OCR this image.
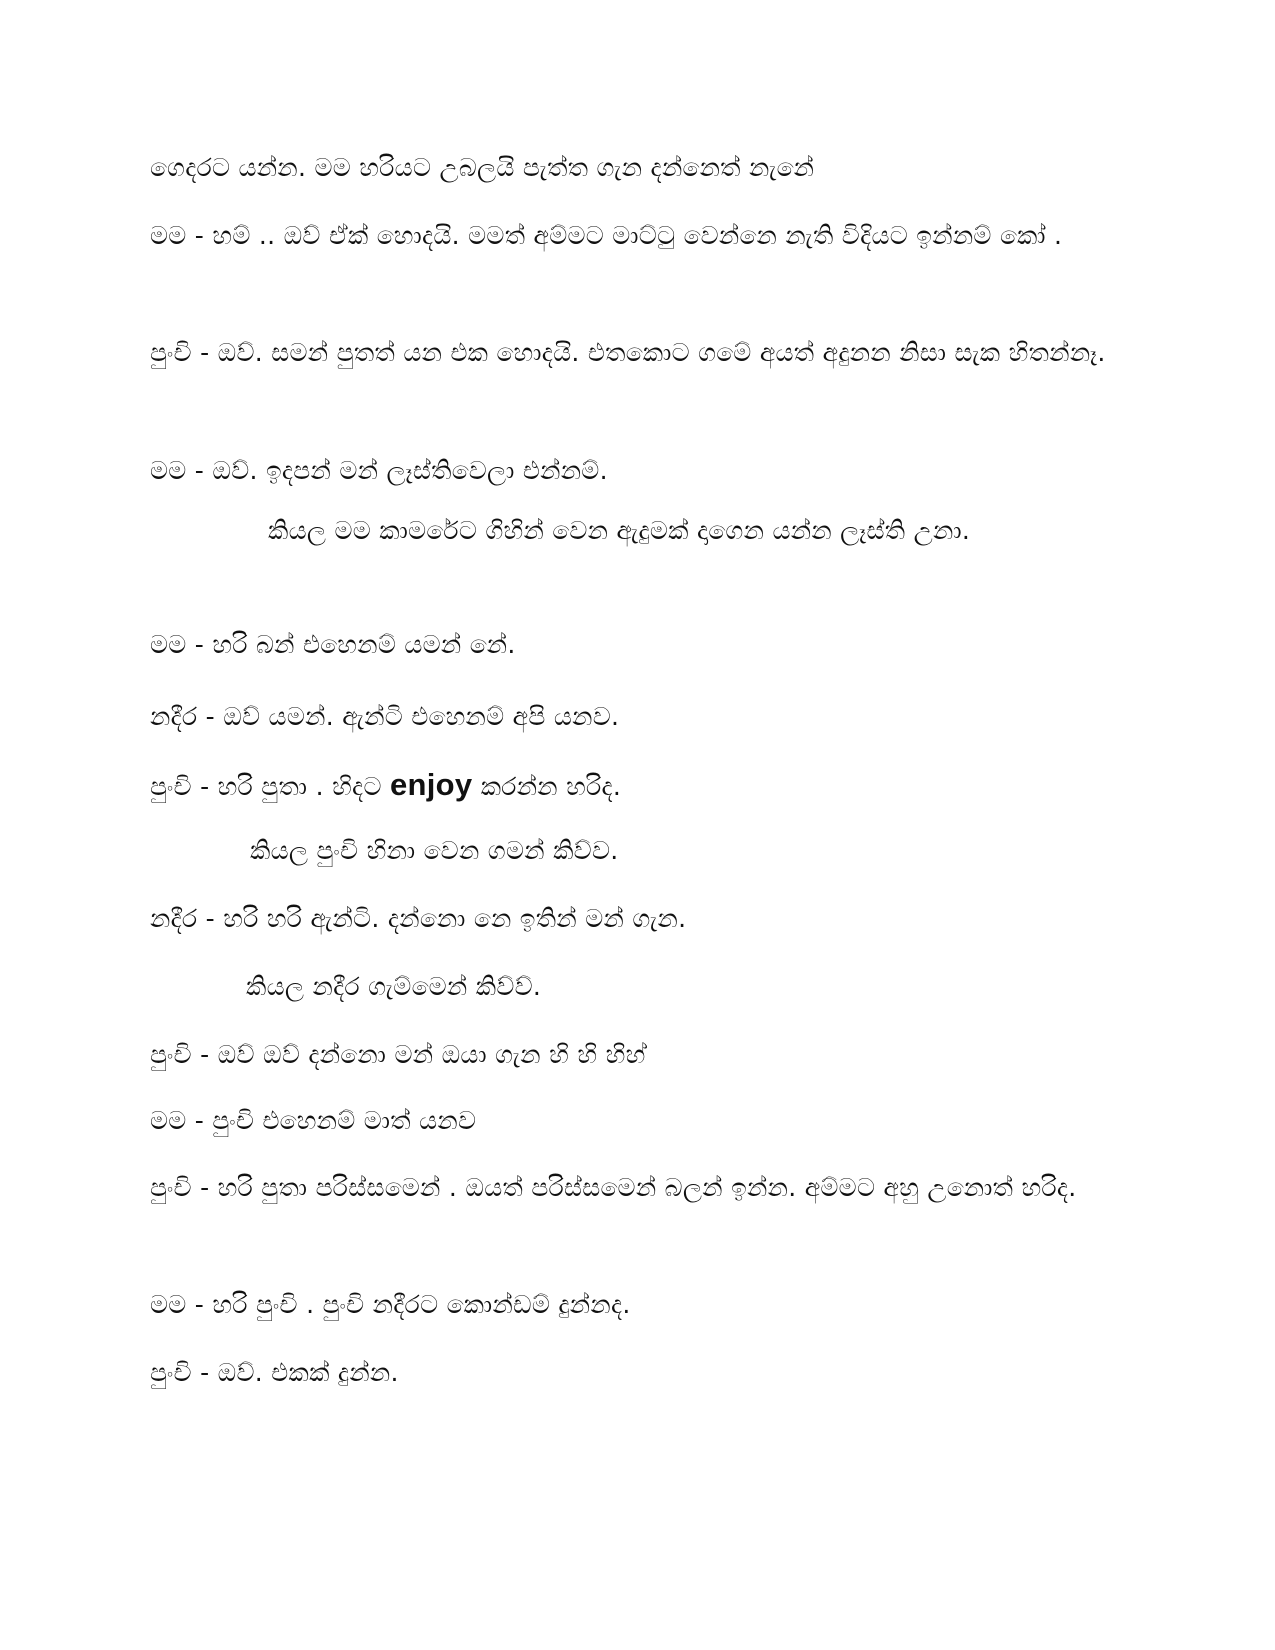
ගෙදරට යන්න. මම හරියට උබලයි පැත්ත ගැන දන්නෙත් නැනේ

මම - හම් .. ඔව් ඒක් හොදයි. මමත් අම්මට මාට්ටු වෙන්නෙ නැති විදියට ඉන්නම් කෝ .

පුංචි - ඔව්. සමන් පුතත් යන එක හොදයි. එතකොට ගමේ අයත් අදුනන නිසා සැක හිතන්නෑ.

මම - ඔව්. ඉදපන් මන් ලෑස්තිවෙලා එන්නම්.

කියල මම කාමරේට ගිහින් වෙන ඇදුමක් දාගෙන යන්න ලෑස්ති උනා.

මම - හරි බන් එහෙනම් යමන් නේ.

නදීර - ඔව් යමන්. ඇන්ටි එහෙනම් අපි යනව.

පුංචි - හරි පුතා . හිදට enjoy කරන්න හරිද.

කියල පුංචි හිනා වෙන ගමන් කිව්ව.

නදීර - හරි හරි ඇන්ටි. දන්නො නෙ ඉතින් මන් ගැන.

කියල නදීර ගැම්මෙන් කිව්ව්.

පුංචි - ඔව් ඔව් දන්නො මන් ඔයා ගැන හි හි හිහ්

මම - පුංචි එහෙනම් මාත් යනව

පුංචි - හරි පුතා පරිස්සමෙන් . ඔයත් පරිස්සමෙන් බලන් ඉන්න. අම්මට අහු උනොත් හරිද.

මම - හරි පුංචි . පුංචි නදීරට කොන්ඩම් දුන්නද.

පුංචි - ඔව්. එකක් දුන්න.
